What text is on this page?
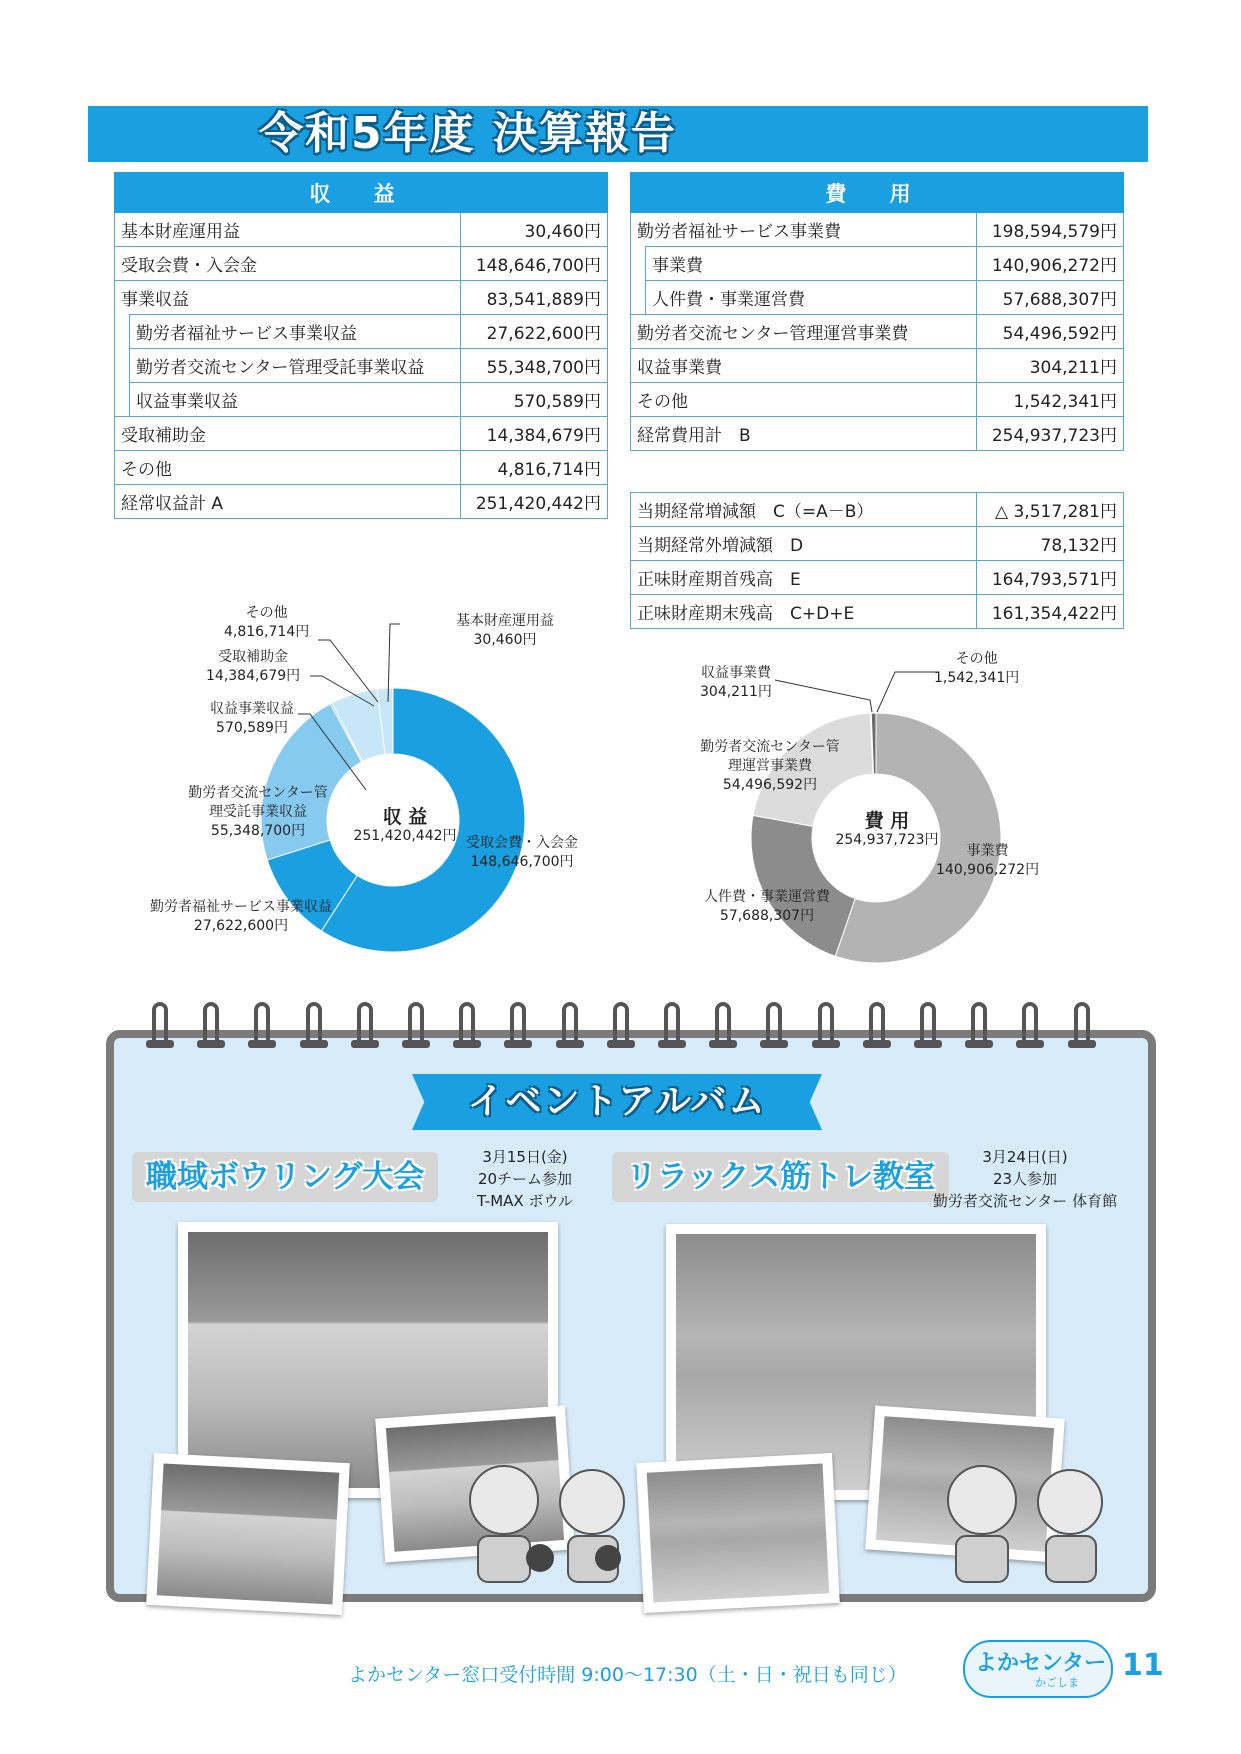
令和5年度 決算報告
収 益		
基本財産運用益		30,460円
受取会費・入会金		148,646,700円
事業収益		83,541,889円
	勤労者福祉サービス事業収益	27,622,600円
	勤労者交流センター管理受託事業収益	55,348,700円
	収益事業収益	570,589円
受取補助金		14,384,679円
その他		4,816,714円
経常収益計 A		251,420,442円
費 用		
勤労者福祉サービス事業費		198,594,579円
	事業費	140,906,272円
	人件費・事業運営費	57,688,307円
勤労者交流センター管理運営事業費		54,496,592円
収益事業費		304,211円
その他		1,542,341円
経常費用計　B		254,937,723円
当期経常増減額　C（=A－B）	△ 3,517,281円
当期経常外増減額　D	78,132円
正味財産期首残高　E	164,793,571円
正味財産期末残高　C+D+E	161,354,422円
その他
4,816,714円
受取補助金
14,384,679円
収益事業収益
570,589円
勤労者交流センター管理受託事業収益
55,348,700円
勤労者福祉サービス事業収益
27,622,600円
受取会費・入会金
148,646,700円
基本財産運用益
30,460円
収 益
251,420,442円
収益事業費
304,211円
その他
1,542,341円
勤労者交流センター管理運営事業費
54,496,592円
事業費
140,906,272円
人件費・事業運営費
57,688,307円
費 用
254,937,723円
イベントアルバム
職域ボウリング大会
3月15日(金)
20チーム参加
T-MAX ボウル
リラックス筋トレ教室
3月24日(日)
23人参加
勤労者交流センター 体育館
よかセンター窓口受付時間 9:00～17:30（土・日・祝日も同じ）	よかセンター
かごしま 11
